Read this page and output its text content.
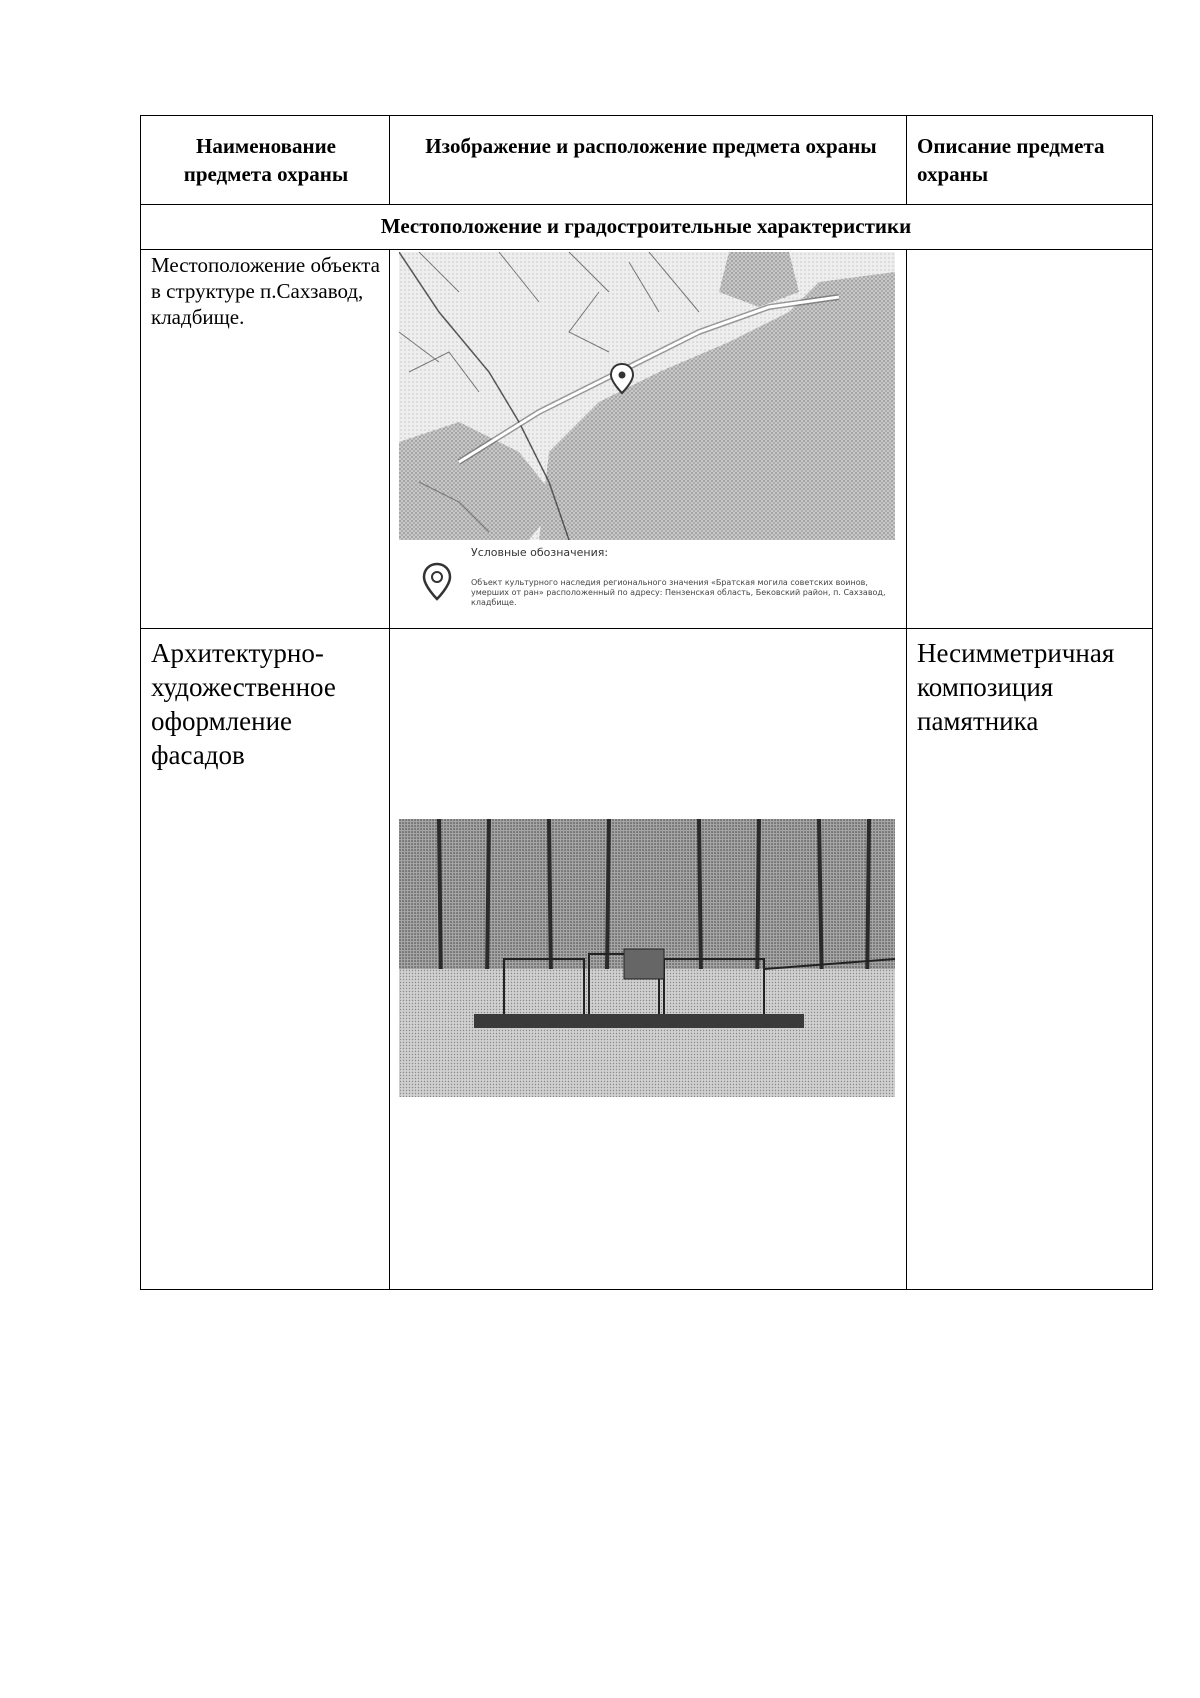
Наименование предмета охраны
Изображение и расположение предмета охраны	Описание предмета охраны
Местоположение и градостроительные характеристики
Местоположение объекта в структуре п.Сахзавод, кладбище.
Условные обозначения:
Объект культурного наследия регионального значения «Братская могила советских воинов, умерших от ран» расположенный по адресу: Пензенская область, Бековский район, п. Сахзавод, кладбище.
Архитектурно-художественное оформление фасадов
Несимметричная композиция памятника
